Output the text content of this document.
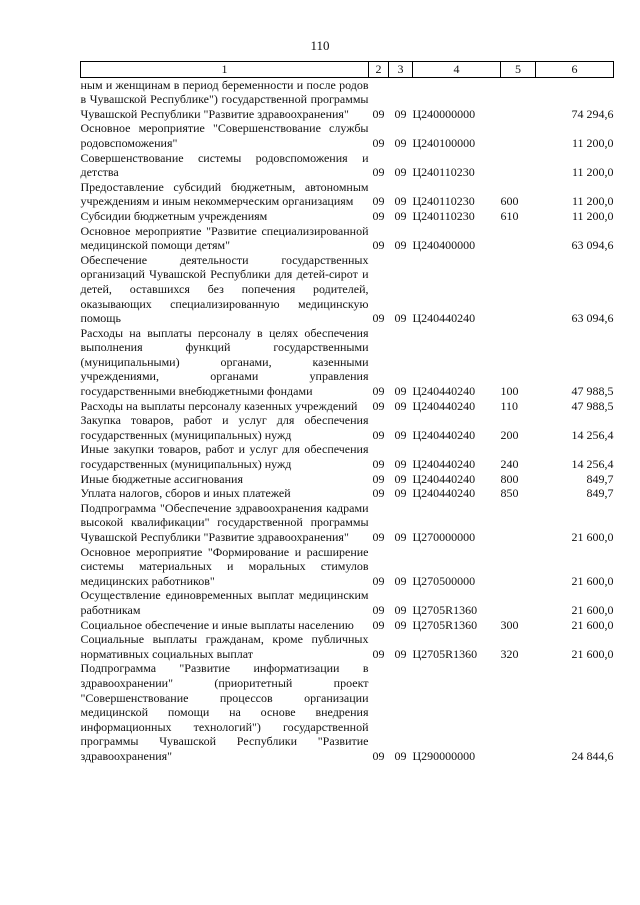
110
1	2	3	4	5	6
ным и женщинам в период беременности и после родов в Чувашской Республике") государственной программы Чувашской Республики "Развитие здравоохранения"	09	09	Ц240000000		74 294,6
Основное мероприятие "Совершенствование службы родовспоможения"	09	09	Ц240100000		11 200,0
Совершенствование системы родовспоможения и детства	09	09	Ц240110230		11 200,0
Предоставление субсидий бюджетным, автономным учреждениям и иным некоммерческим организациям	09	09	Ц240110230	600	11 200,0
Субсидии бюджетным учреждениям	09	09	Ц240110230	610	11 200,0
Основное мероприятие "Развитие специализированной медицинской помощи детям"	09	09	Ц240400000		63 094,6
Обеспечение деятельности государственных организаций Чувашской Республики для детей-сирот и детей, оставшихся без попечения родителей, оказывающих специализированную медицинскую помощь	09	09	Ц240440240		63 094,6
Расходы на выплаты персоналу в целях обеспечения выполнения функций государственными (муниципальными) органами, казенными учреждениями, органами управления государственными внебюджетными фондами	09	09	Ц240440240	100	47 988,5
Расходы на выплаты персоналу казенных учреждений	09	09	Ц240440240	110	47 988,5
Закупка товаров, работ и услуг для обеспечения государственных (муниципальных) нужд	09	09	Ц240440240	200	14 256,4
Иные закупки товаров, работ и услуг для обеспечения государственных (муниципальных) нужд	09	09	Ц240440240	240	14 256,4
Иные бюджетные ассигнования	09	09	Ц240440240	800	849,7
Уплата налогов, сборов и иных платежей	09	09	Ц240440240	850	849,7
Подпрограмма "Обеспечение здравоохранения кадрами высокой квалификации" государственной программы Чувашской Республики "Развитие здравоохранения"	09	09	Ц270000000		21 600,0
Основное мероприятие "Формирование и расширение системы материальных и моральных стимулов медицинских работников"	09	09	Ц270500000		21 600,0
Осуществление единовременных выплат медицинским работникам	09	09	Ц2705R1360		21 600,0
Социальное обеспечение и иные выплаты населению	09	09	Ц2705R1360	300	21 600,0
Социальные выплаты гражданам, кроме публичных нормативных социальных выплат	09	09	Ц2705R1360	320	21 600,0
Подпрограмма "Развитие информатизации в здравоохранении" (приоритетный проект "Совершенствование процессов организации медицинской помощи на основе внедрения информационных технологий") государственной программы Чувашской Республики "Развитие здравоохранения"	09	09	Ц290000000		24 844,6
